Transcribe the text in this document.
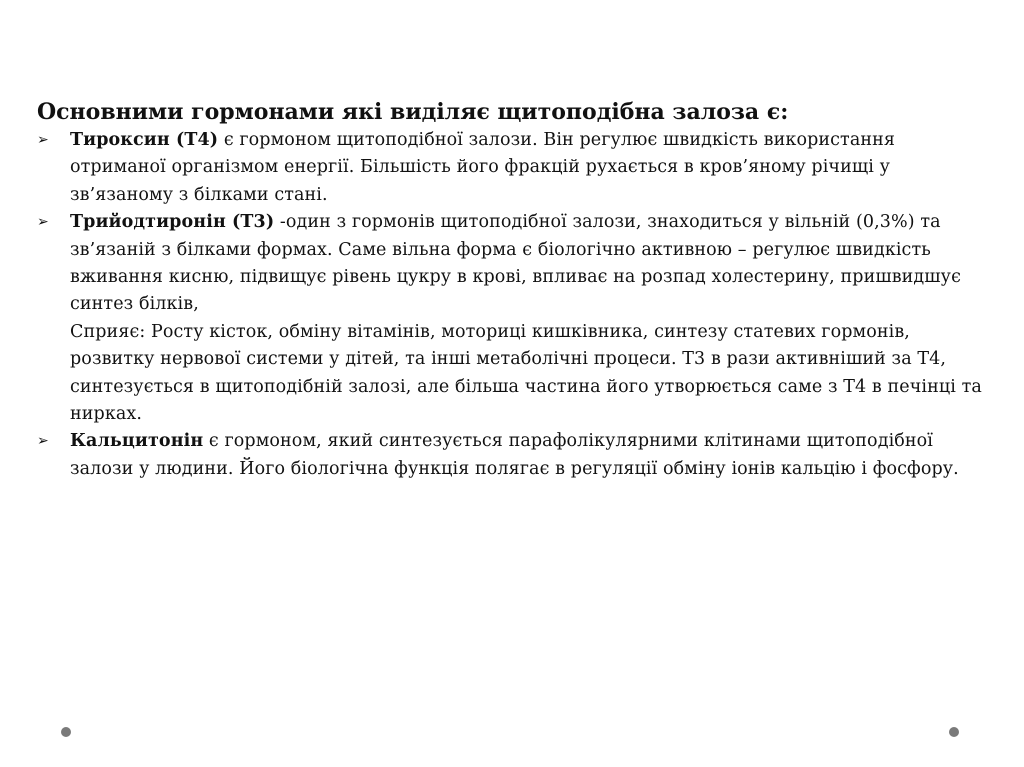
Основними гормонами які виділяє щитоподібна залоза є:

➢	Тироксин (Т4) є гормоном щитоподібної залози. Він регулює швидкість використання отриманої організмом енергії. Більшість його фракцій рухається в кров’яному річищі у зв’язаному з білками стані.
➢	Трийодтиронін (Т3) -один з гормонів щитоподібної залози, знаходиться у вільній (0,3%) та зв’язаній з білками формах. Саме вільна форма є біологічно активною – регулює швидкість вживання кисню, підвищує рівень цукру в крові, впливає на розпад холестерину, пришвидшує синтез білків,
Сприяє: Росту кісток, обміну вітамінів, моториці кишківника, синтезу статевих гормонів, розвитку нервової системи у дітей, та інші метаболічні процеси. Т3 в рази активніший за Т4, синтезується в щитоподібній залозі, але більша частина його утворюється саме з Т4 в печінці та нирках.
➢	Кальцитонін є гормоном, який синтезується парафолікулярними клітинами щитоподібної залози у людини. Його біологічна функція полягає в регуляції обміну іонів кальцію і фосфору.
